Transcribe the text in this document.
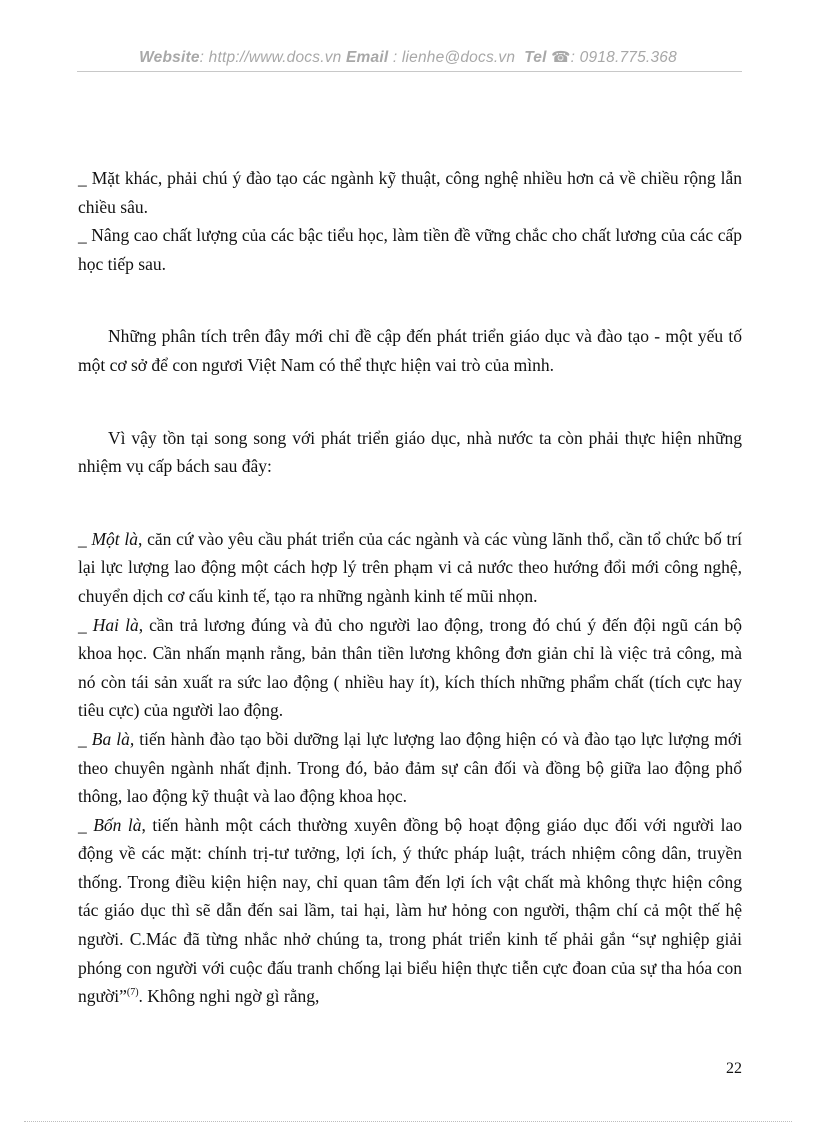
Website: http://www.docs.vn Email : lienhe@docs.vn  Tel ☎: 0918.775.368

_ Mặt khác, phải chú ý đào tạo các ngành kỹ thuật, công nghệ nhiều hơn cả về chiều rộng lẫn chiều sâu.

_ Nâng cao chất lượng của các bậc tiểu học, làm tiền đề vững chắc cho chất lương của các cấp học tiếp sau.

Những phân tích trên đây mới chỉ đề cập đến phát triển giáo dục và đào tạo - một yếu tố một cơ sở để con ngươi Việt Nam có thể thực hiện vai trò của mình.

Vì vậy tồn tại song song với phát triển giáo dục, nhà nước ta còn phải thực hiện những nhiệm vụ cấp bách sau đây:

_ Một là, căn cứ vào yêu cầu phát triển của các ngành và các vùng lãnh thổ, cần tổ chức bố trí lại lực lượng lao động một cách hợp lý trên phạm vi cả nước theo hướng đổi mới công nghệ, chuyển dịch cơ cấu kinh tế, tạo ra những ngành kinh tế mũi nhọn.

_ Hai là, cần trả lương đúng và đủ cho người lao động, trong đó chú ý đến đội ngũ cán bộ khoa học. Cần nhấn mạnh rằng, bản thân tiền lương không đơn giản chỉ là việc trả công, mà nó còn tái sản xuất ra sức lao động ( nhiều hay ít), kích thích những phẩm chất (tích cực hay tiêu cực) của người lao động.

_ Ba là, tiến hành đào tạo bồi dưỡng lại lực lượng lao động hiện có và đào tạo lực lượng mới theo chuyên ngành nhất định. Trong đó, bảo đảm sự cân đối và đồng bộ giữa lao động phổ thông, lao động kỹ thuật và lao động khoa học.

_ Bốn là, tiến hành một cách thường xuyên đồng bộ hoạt động giáo dục đối với người lao động về các mặt: chính trị-tư tưởng, lợi ích, ý thức pháp luật, trách nhiệm công dân, truyền thống. Trong điều kiện hiện nay, chỉ quan tâm đến lợi ích vật chất mà không thực hiện công tác giáo dục thì sẽ dẫn đến sai lầm, tai hại, làm hư hỏng con người, thậm chí cả một thế hệ người. C.Mác đã từng nhắc nhở chúng ta, trong phát triển kinh tế phải gắn “sự nghiệp giải phóng con người với cuộc đấu tranh chống lại biểu hiện thực tiễn cực đoan của sự tha hóa con người”$^{(7)}$. Không nghi ngờ gì rằng,

22
